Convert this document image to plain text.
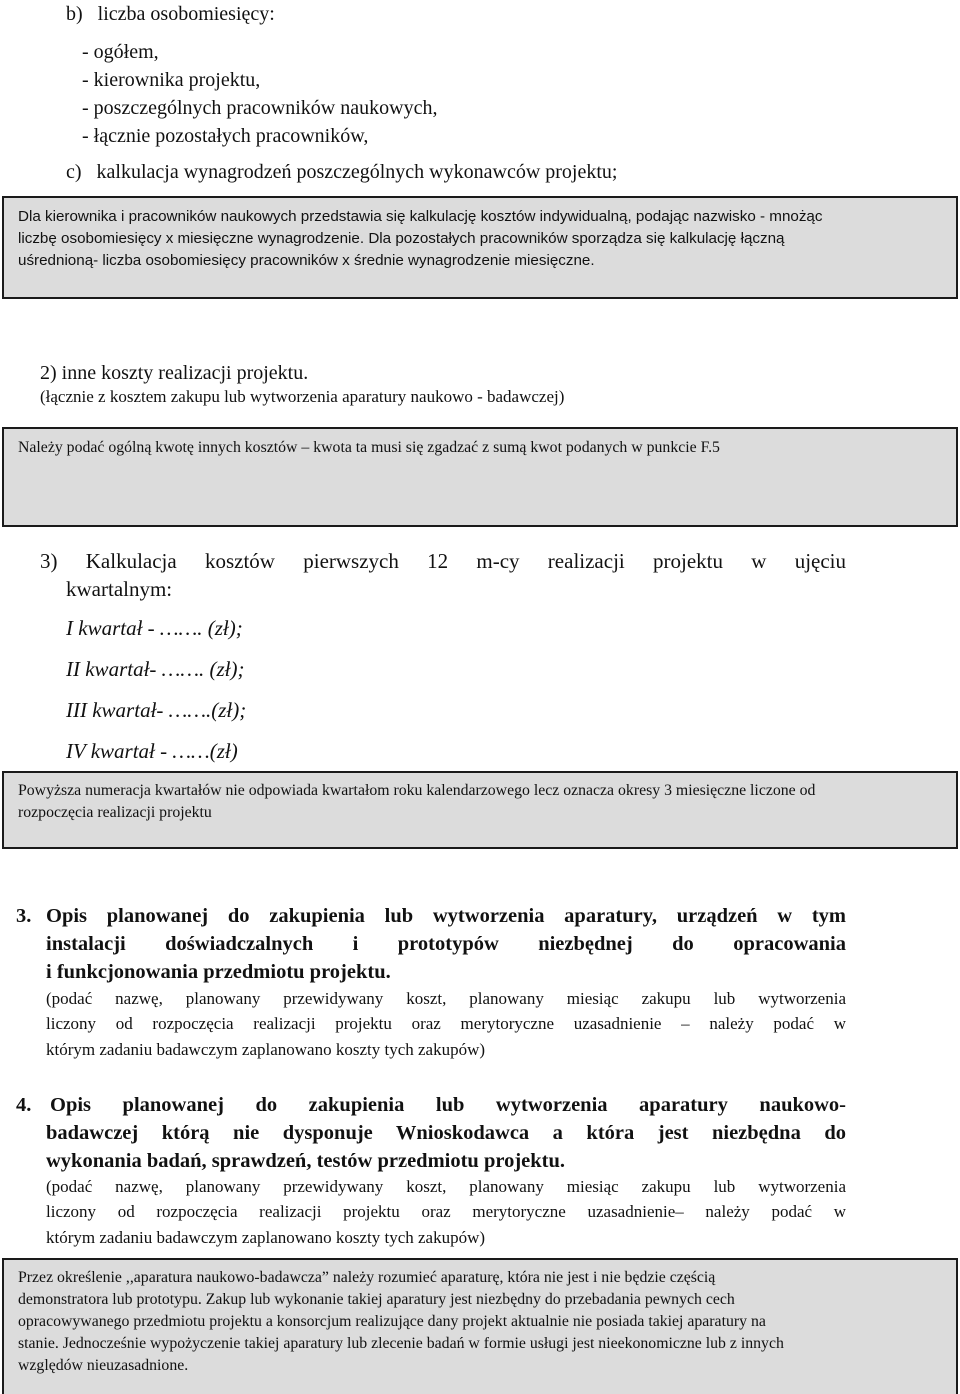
b)   liczba osobomiesięcy:
- ogółem,
- kierownika projektu,
- poszczególnych pracowników naukowych,
- łącznie pozostałych pracowników,
c)   kalkulacja wynagrodzeń poszczególnych wykonawców projektu;
Dla kierownika i pracowników naukowych przedstawia się kalkulację kosztów indywidualną, podając nazwisko - mnożąc
liczbę osobomiesięcy x miesięczne wynagrodzenie. Dla pozostałych pracowników sporządza się kalkulację łączną
uśrednioną- liczba osobomiesięcy pracowników x średnie wynagrodzenie miesięczne.
2) inne koszty realizacji projektu.
(łącznie z kosztem zakupu lub wytworzenia aparatury naukowo - badawczej)
Należy podać ogólną kwotę innych kosztów – kwota ta musi się zgadzać z sumą kwot podanych w punkcie F.5
3) Kalkulacja kosztów pierwszych 12 m-cy realizacji projektu w ujęciu
kwartalnym:
I kwartał - ……. (zł);
II kwartał- ……. (zł);
III kwartał- …….(zł);
IV kwartał - ……(zł)
Powyższa numeracja kwartałów nie odpowiada kwartałom roku kalendarzowego lecz oznacza okresy 3 miesięczne liczone od
rozpoczęcia realizacji projektu
3. Opis planowanej do zakupienia lub wytworzenia aparatury, urządzeń w tym
instalacji doświadczalnych i prototypów niezbędnej do opracowania
i funkcjonowania przedmiotu projektu.
(podać nazwę, planowany przewidywany koszt, planowany miesiąc zakupu lub wytworzenia
liczony od rozpoczęcia realizacji projektu oraz merytoryczne uzasadnienie – należy podać w
którym zadaniu badawczym zaplanowano koszty tych zakupów)
4. Opis planowanej do zakupienia lub wytworzenia aparatury naukowo-
badawczej którą nie dysponuje Wnioskodawca a która jest niezbędna do
wykonania badań, sprawdzeń, testów przedmiotu projektu.
(podać nazwę, planowany przewidywany koszt, planowany miesiąc zakupu lub wytworzenia
liczony od rozpoczęcia realizacji projektu oraz merytoryczne uzasadnienie– należy podać w
którym zadaniu badawczym zaplanowano koszty tych zakupów)
Przez określenie ,,aparatura naukowo-badawcza” należy rozumieć aparaturę, która nie jest i nie będzie częścią
demonstratora lub prototypu. Zakup lub wykonanie takiej aparatury jest niezbędny do przebadania pewnych cech
opracowywanego przedmiotu projektu a konsorcjum realizujące dany projekt aktualnie nie posiada takiej aparatury na
stanie. Jednocześnie wypożyczenie takiej aparatury lub zlecenie badań w formie usługi jest nieekonomiczne lub z innych
względów nieuzasadnione.
